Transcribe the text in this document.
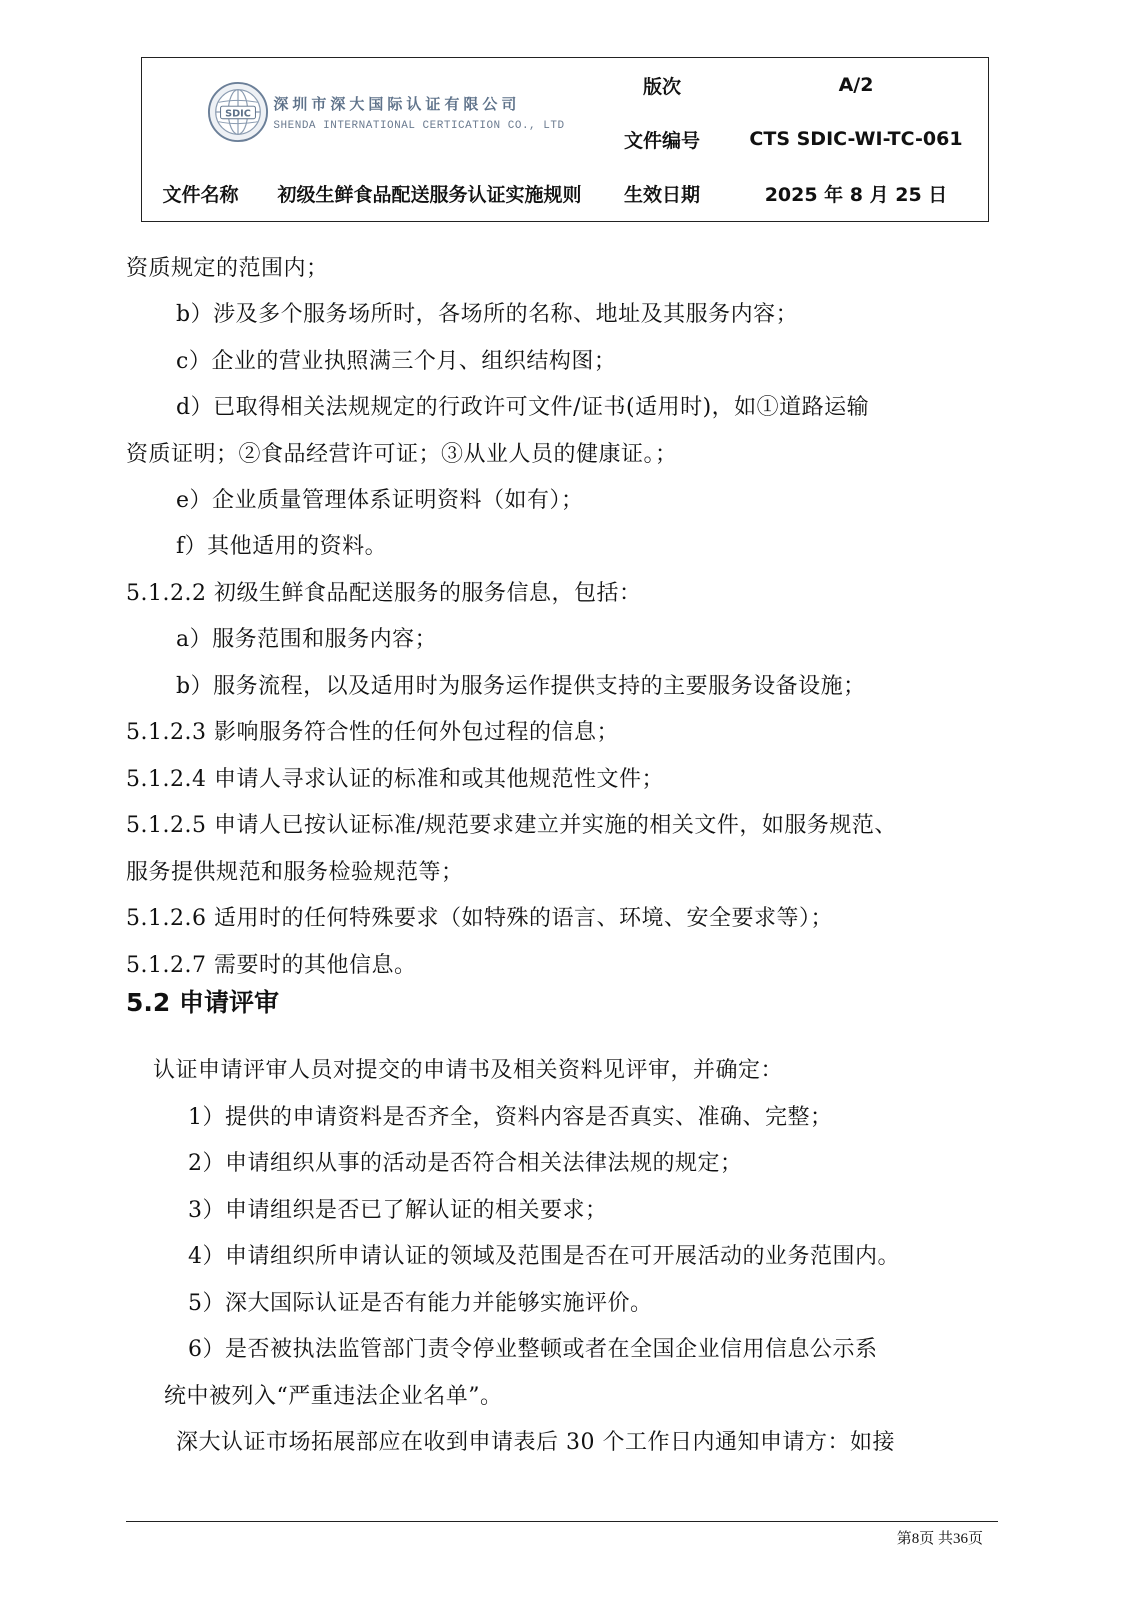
SDIC
深圳市深大国际认证有限公司
SHENDA INTERNATIONAL CERTICATION CO., LTD
版次	A/2
文件编号	CTS SDIC-WI-TC-061
文件名称	初级生鲜食品配送服务认证实施规则	生效日期	2025 年 8 月 25 日
资质规定的范围内；
b）涉及多个服务场所时，各场所的名称、地址及其服务内容；
c）企业的营业执照满三个月、组织结构图；
d）已取得相关法规规定的行政许可文件/证书(适用时)，如①道路运输
资质证明；②食品经营许可证；③从业人员的健康证。；
e）企业质量管理体系证明资料（如有）；
f）其他适用的资料。
5.1.2.2 初级生鲜食品配送服务的服务信息，包括：
a）服务范围和服务内容；
b）服务流程，以及适用时为服务运作提供支持的主要服务设备设施；
5.1.2.3 影响服务符合性的任何外包过程的信息；
5.1.2.4 申请人寻求认证的标准和或其他规范性文件；
5.1.2.5 申请人已按认证标准/规范要求建立并实施的相关文件，如服务规范、
服务提供规范和服务检验规范等；
5.1.2.6 适用时的任何特殊要求（如特殊的语言、环境、安全要求等）；
5.1.2.7 需要时的其他信息。
5.2 申请评审
认证申请评审人员对提交的申请书及相关资料见评审，并确定：
1）提供的申请资料是否齐全，资料内容是否真实、准确、完整；
2）申请组织从事的活动是否符合相关法律法规的规定；
3）申请组织是否已了解认证的相关要求；
4）申请组织所申请认证的领域及范围是否在可开展活动的业务范围内。
5）深大国际认证是否有能力并能够实施评价。
6）是否被执法监管部门责令停业整顿或者在全国企业信用信息公示系
统中被列入“严重违法企业名单”。
深大认证市场拓展部应在收到申请表后 30 个工作日内通知申请方：如接
第8页 共36页
